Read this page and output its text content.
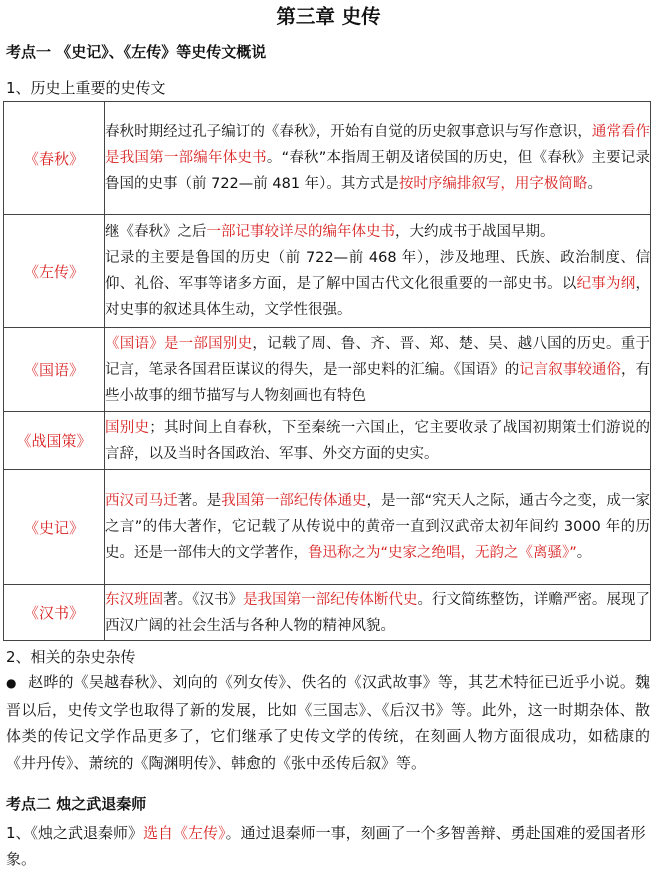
第三章 史传

考点一 《史记》、《左传》等史传文概说

1、历史上重要的史传文

《春秋》	春秋时期经过孔子编订的《春秋》，开始有自觉的历史叙事意识与写作意识，通常看作是我国第一部编年体史书。“春秋”本指周王朝及诸侯国的历史，但《春秋》主要记录鲁国的史事（前 722—前 481 年）。其方式是按时序编排叙写，用字极简略。

《左传》	继《春秋》之后一部记事较详尽的编年体史书，大约成书于战国早期。

记录的主要是鲁国的历史（前 722—前 468 年），涉及地理、氏族、政治制度、信仰、礼俗、军事等诸多方面，是了解中国古代文化很重要的一部史书。以纪事为纲，对史事的叙述具体生动，文学性很强。

《国语》	《国语》是一部国别史，记载了周、鲁、齐、晋、郑、楚、吴、越八国的历史。重于记言，笔录各国君臣谋议的得失，是一部史料的汇编。《国语》的记言叙事较通俗，有些小故事的细节描写与人物刻画也有特色

《战国策》	国别史；其时间上自春秋，下至秦统一六国止，它主要收录了战国初期策士们游说的言辞，以及当时各国政治、军事、外交方面的史实。

《史记》	西汉司马迁著。是我国第一部纪传体通史，是一部“究天人之际，通古今之变，成一家之言”的伟大著作，它记载了从传说中的黄帝一直到汉武帝太初年间约 3000 年的历史。还是一部伟大的文学著作，鲁迅称之为“史家之绝唱，无韵之《离骚》”。

《汉书》	东汉班固著。《汉书》是我国第一部纪传体断代史。行文简练整饬，详赡严密。展现了西汉广阔的社会生活与各种人物的精神风貌。

2、相关的杂史杂传

● 赵晔的《吴越春秋》、刘向的《列女传》、佚名的《汉武故事》等，其艺术特征已近乎小说。魏晋以后，史传文学也取得了新的发展，比如《三国志》、《后汉书》等。此外，这一时期杂体、散体类的传记文学作品更多了，它们继承了史传文学的传统，在刻画人物方面很成功，如嵇康的《井丹传》、萧统的《陶渊明传》、韩愈的《张中丞传后叙》等。

考点二 烛之武退秦师

1、《烛之武退秦师》选自《左传》。通过退秦师一事，刻画了一个多智善辩、勇赴国难的爱国者形象。
